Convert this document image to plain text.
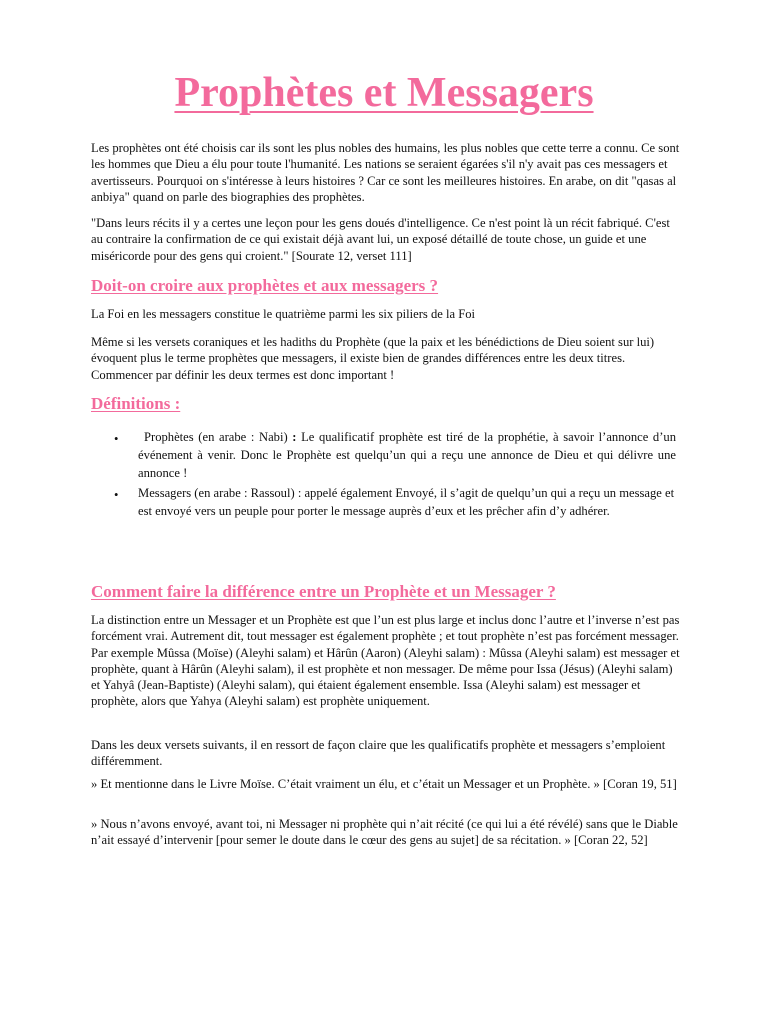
Prophètes et Messagers
Les prophètes ont été choisis car ils sont les plus nobles des humains, les plus nobles que cette terre a connu. Ce sont les hommes que Dieu a élu pour toute l'humanité. Les nations se seraient égarées s'il n'y avait pas ces messagers et avertisseurs. Pourquoi on s'intéresse à leurs histoires ? Car ce sont les meilleures histoires. En arabe, on dit "qasas al anbiya" quand on parle des biographies des prophètes.
"Dans leurs récits il y a certes une leçon pour les gens doués d'intelligence. Ce n'est point là un récit fabriqué. C'est au contraire la confirmation de ce qui existait déjà avant lui, un exposé détaillé de toute chose, un guide et une miséricorde pour des gens qui croient." [Sourate 12, verset 111]
Doit-on croire aux prophètes et aux messagers ?
La Foi en les messagers constitue le quatrième parmi les six piliers de la Foi
Même si les versets coraniques et les hadiths du Prophète (que la paix et les bénédictions de Dieu soient sur lui) évoquent plus le terme prophètes que messagers, il existe bien de grandes différences entre les deux titres. Commencer par définir les deux termes est donc important !
Définitions :
•	Prophètes (en arabe : Nabi) : Le qualificatif prophète est tiré de la prophétie, à savoir l’annonce d’un événement à venir. Donc le Prophète est quelqu’un qui a reçu une annonce de Dieu et qui délivre une annonce !
• Messagers (en arabe : Rassoul) : appelé également Envoyé, il s’agit de quelqu’un qui a reçu un message et est envoyé vers un peuple pour porter le message auprès d’eux et les prêcher afin d’y adhérer.
Comment faire la différence entre un Prophète et un Messager ?
La distinction entre un Messager et un Prophète est que l’un est plus large et inclus donc l’autre et l’inverse n’est pas forcément vrai. Autrement dit, tout messager est également prophète ; et tout prophète n’est pas forcément messager. Par exemple Mûssa (Moïse) (Aleyhi salam) et Hârûn (Aaron) (Aleyhi salam) : Mûssa (Aleyhi salam) est messager et prophète, quant à Hârûn (Aleyhi salam), il est prophète et non messager. De même pour Issa (Jésus) (Aleyhi salam) et Yahyâ (Jean-Baptiste) (Aleyhi salam), qui étaient également ensemble. Issa (Aleyhi salam) est messager et prophète, alors que Yahya (Aleyhi salam) est prophète uniquement.
Dans les deux versets suivants, il en ressort de façon claire que les qualificatifs prophète et messagers s’emploient différemment.
» Et mentionne dans le Livre Moïse. C’était vraiment un élu, et c’était un Messager et un Prophète. » [Coran 19, 51]
» Nous n’avons envoyé, avant toi, ni Messager ni prophète qui n’ait récité (ce qui lui a été révélé) sans que le Diable n’ait essayé d’intervenir [pour semer le doute dans le cœur des gens au sujet] de sa récitation. » [Coran 22, 52]
